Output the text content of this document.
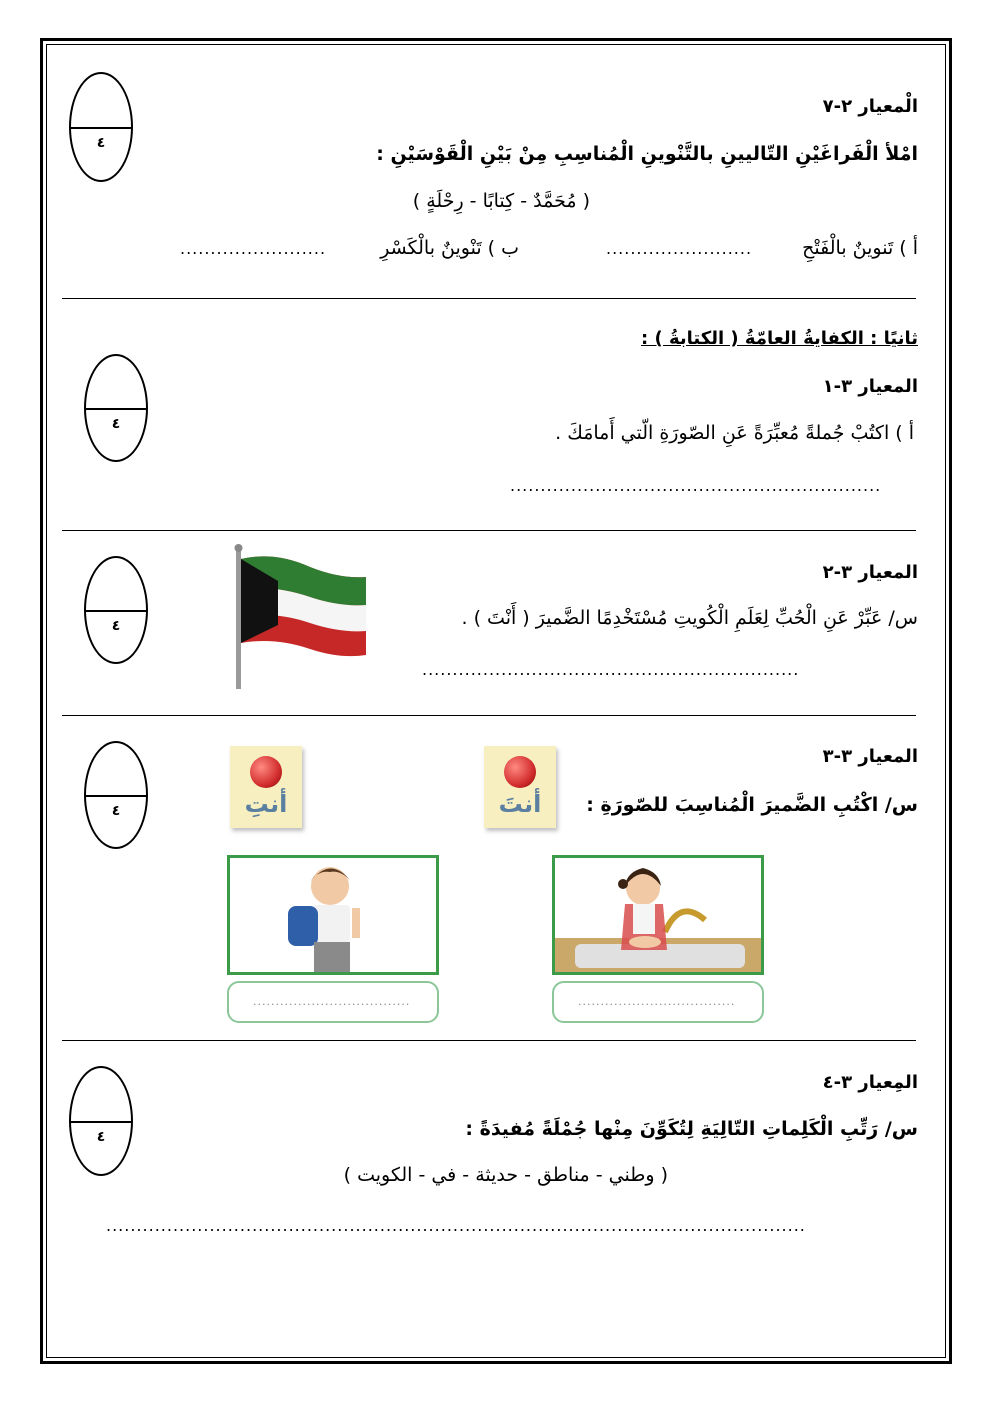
٤
الْمعيار ٢-٧
امْلأ الْفَراغَيْنِ التّاليينِ بالتَّنْوينِ الْمُناسِبِ مِنْ بَيْنِ الْقَوْسَيْنِ :
( مُحَمَّدٌ - كِتابًا - رِحْلَةٍ )
أ ) تَنوينٌ بالْفَتْحِ
........................
ب ) تَنْوينٌ بالْكَسْرِ
........................
ثانيًا : الكفايةُ العامّةُ ( الكتابةُ ) :
٤
المعيار ٣-١
أ ) اكتُبْ جُملةً مُعبِّرَةً عَنِ الصّورَةِ الّتي أَمامَكَ .
.............................................................
٤
المعيار ٣-٢
س/ عَبِّرْ عَنِ الْحُبِّ لِعَلَمِ الْكُويتِ مُسْتَخْدِمًا الضَّميرَ ( أَنْتَ ) .
..............................................................
٤
المعيار ٣-٣
س/ اكْتُبِ الضَّميرَ الْمُناسِبَ للصّورَةِ :
أنتَ
أنتِ
...................................
...................................
٤
المِعيار ٣-٤
س/ رَتِّبِ الْكَلِماتِ التّالِيَةِ لِتُكَوِّنَ مِنْها جُمْلَةً مُفيدَةً :
( وطني - مناطق - حديثة - في - الكويت )
...................................................................................................................
